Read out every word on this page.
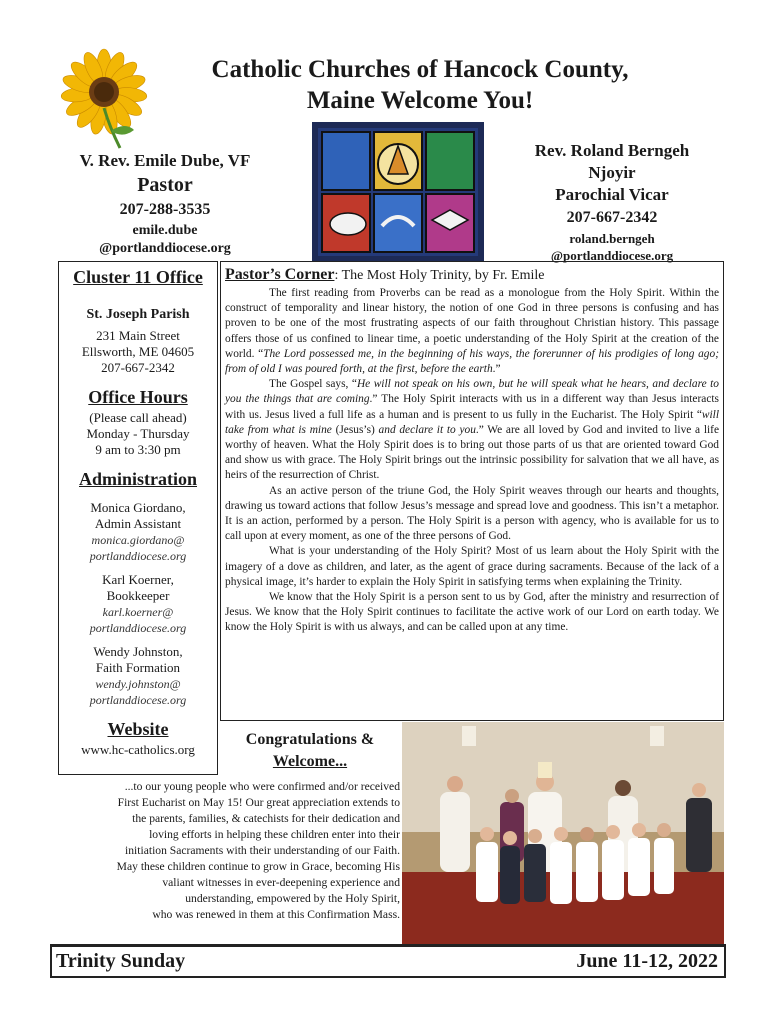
Catholic Churches of Hancock County,
Maine Welcome You!
V. Rev. Emile Dube, VF
Pastor
207-288-3535
emile.dube
@portlanddiocese.org
Rev. Roland Berngeh
Njoyir
Parochial Vicar
207-667-2342
roland.berngeh
@portlanddiocese.org
Cluster 11 Office
St. Joseph Parish
231 Main Street
Ellsworth, ME 04605
207-667-2342
Office Hours
(Please call ahead)
Monday - Thursday
9 am to 3:30 pm
Administration
Monica Giordano,
Admin Assistant
monica.giordano@
portlanddiocese.org
Karl Koerner,
Bookkeeper
karl.koerner@
portlanddiocese.org
Wendy Johnston,
Faith Formation
wendy.johnston@
portlanddiocese.org
Website
www.hc-catholics.org
Pastor’s Corner: The Most Holy Trinity, by Fr. Emile

The first reading from Proverbs can be read as a monologue from the Holy Spirit. Within the construct of temporality and linear history, the notion of one God in three persons is confusing and has proven to be one of the most frustrating aspects of our faith throughout Christian history. This passage offers those of us confined to linear time, a poetic understanding of the Holy Spirit at the creation of the world. “The Lord possessed me, in the beginning of his ways, the forerunner of his prodigies of long ago; from of old I was poured forth, at the first, before the earth.”

The Gospel says, “He will not speak on his own, but he will speak what he hears, and declare to you the things that are coming.” The Holy Spirit interacts with us in a different way than Jesus interacts with us. Jesus lived a full life as a human and is present to us fully in the Eucharist. The Holy Spirit “will take from what is mine (Jesus’s) and declare it to you.” We are all loved by God and invited to live a life worthy of heaven. What the Holy Spirit does is to bring out those parts of us that are oriented toward God and show us with grace. The Holy Spirit brings out the intrinsic possibility for salvation that we all have, as heirs of the resurrection of Christ.

As an active person of the triune God, the Holy Spirit weaves through our hearts and thoughts, drawing us toward actions that follow Jesus’s message and spread love and goodness. This isn’t a metaphor. It is an action, performed by a person. The Holy Spirit is a person with agency, who is available for us to call upon at every moment, as one of the three persons of God.

What is your understanding of the Holy Spirit? Most of us learn about the Holy Spirit with the imagery of a dove as children, and later, as the agent of grace during sacraments. Because of the lack of a physical image, it’s harder to explain the Holy Spirit in satisfying terms when explaining the Trinity.

We know that the Holy Spirit is a person sent to us by God, after the ministry and resurrection of Jesus. We know that the Holy Spirit continues to facilitate the active work of our Lord on earth today. We know the Holy Spirit is with us always, and can be called upon at any time.

Congratulations &
Welcome...
...to our young people who were confirmed and/or received
First Eucharist on May 15! Our great appreciation extends to
the parents, families, & catechists for their dedication and
loving efforts in helping these children enter into their
initiation Sacraments with their understanding of our Faith.
May these children continue to grow in Grace, becoming His
valiant witnesses in ever-deepening experience and
understanding, empowered by the Holy Spirit,
who was renewed in them at this Confirmation Mass.
Trinity Sunday	June 11-12, 2022
